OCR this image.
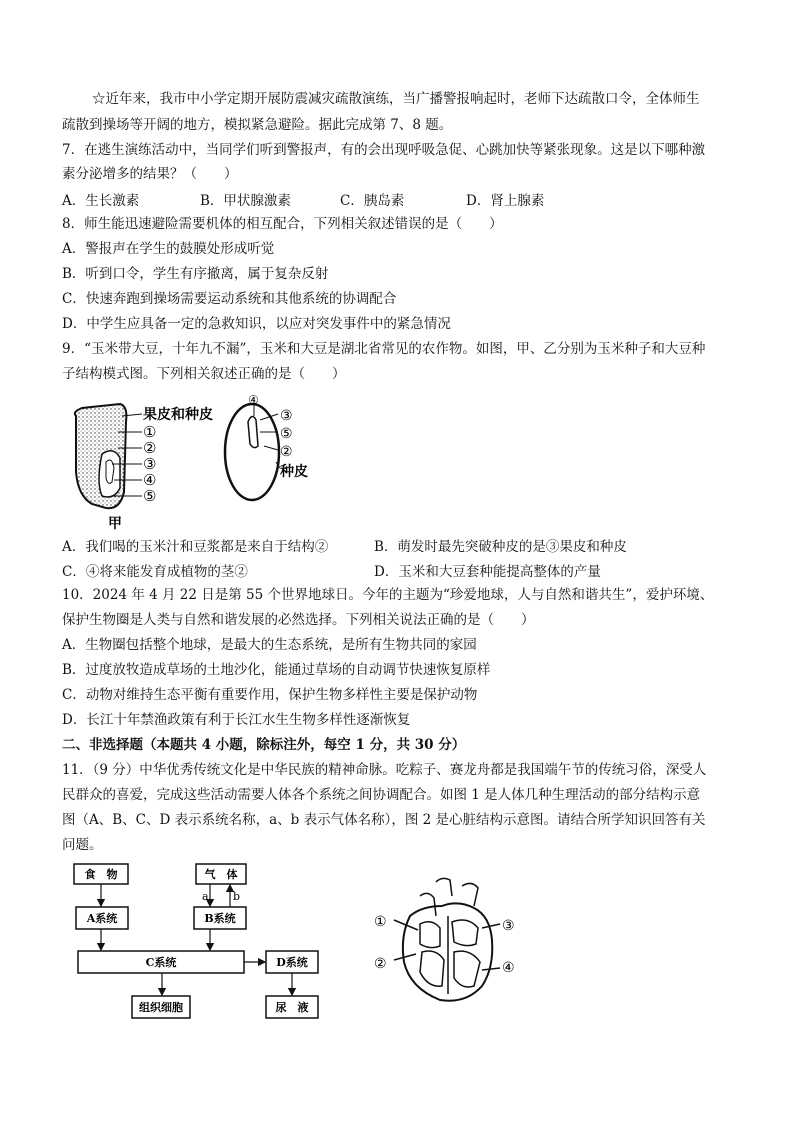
☆近年来，我市中小学定期开展防震减灾疏散演练，当广播警报响起时，老师下达疏散口令，全体师生
疏散到操场等开阔的地方，模拟紧急避险。据此完成第 7、8 题。
7．在逃生演练活动中，当同学们听到警报声，有的会出现呼吸急促、心跳加快等紧张现象。这是以下哪种激
素分泌增多的结果？（　　）
A．生长激素	B．甲状腺激素	C．胰岛素	D．肾上腺素
8．师生能迅速避险需要机体的相互配合，下列相关叙述错误的是（　　）
A．警报声在学生的鼓膜处形成听觉
B．听到口令，学生有序撤离，属于复杂反射
C．快速奔跑到操场需要运动系统和其他系统的协调配合
D．中学生应具备一定的急救知识，以应对突发事件中的紧急情况
9．“玉米带大豆，十年九不漏”，玉米和大豆是湖北省常见的农作物。如图，甲、乙分别为玉米种子和大豆种
子结构模式图。下列相关叙述正确的是（　　）
果皮和种皮
①
②
③
④
⑤
甲
④
③
⑤
②
种皮
A．我们喝的玉米汁和豆浆都是来自于结构②	B．萌发时最先突破种皮的是③果皮和种皮
C．④将来能发育成植物的茎②	D．玉米和大豆套种能提高整体的产量
10．2024 年 4 月 22 日是第 55 个世界地球日。今年的主题为“珍爱地球，人与自然和谐共生”，爱护环境、
保护生物圈是人类与自然和谐发展的必然选择。下列相关说法正确的是（　　）
A．生物圈包括整个地球，是最大的生态系统，是所有生物共同的家园
B．过度放牧造成草场的土地沙化，能通过草场的自动调节快速恢复原样
C．动物对维持生态平衡有重要作用，保护生物多样性主要是保护动物
D．长江十年禁渔政策有利于长江水生生物多样性逐渐恢复
二、非选择题（本题共 4 小题，除标注外，每空 1 分，共 30 分）
11．（9 分）中华优秀传统文化是中华民族的精神命脉。吃粽子、赛龙舟都是我国端午节的传统习俗，深受人
民群众的喜爱，完成这些活动需要人体各个系统之间协调配合。如图 1 是人体几种生理活动的部分结构示意
图（A、B、C、D 表示系统名称，a、b 表示气体名称），图 2 是心脏结构示意图。请结合所学知识回答有关
问题。
食　物	气　体
A系统	B系统
C系统	D系统
组织细胞	尿　液
a b
①
②
③
④
